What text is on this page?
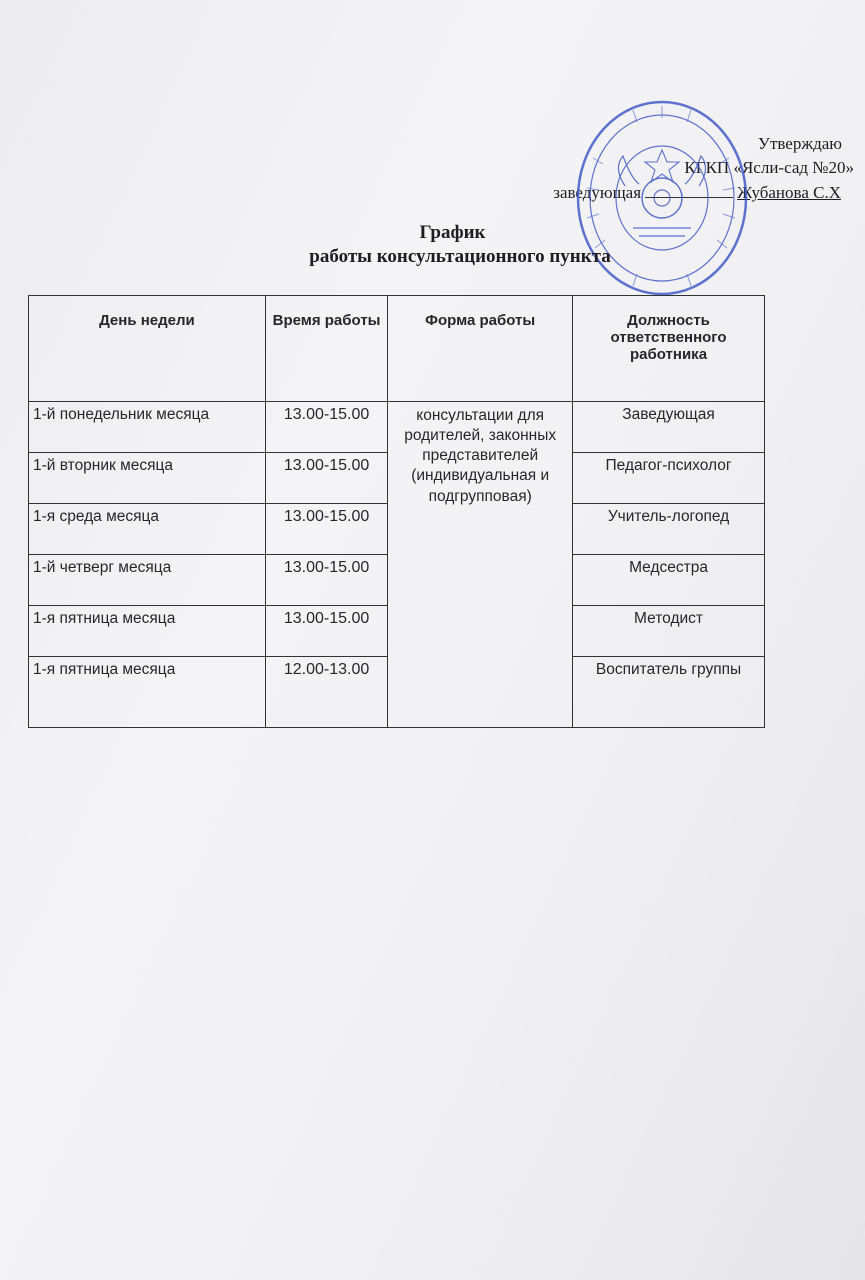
Утверждаю
КГКП «Ясли-сад №20»
заведующая	Жубанова С.Х
График
работы консультационного пункта
День недели	Время работы	Форма работы	Должность ответственного работника
1-й понедельник месяца	13.00-15.00	консультации для родителей, законных представителей (индивидуальная и подгрупповая)	Заведующая
1-й вторник месяца	13.00-15.00		Педагог-психолог
1-я среда месяца	13.00-15.00		Учитель-логопед
1-й четверг месяца	13.00-15.00		Медсестра
1-я пятница месяца	13.00-15.00		Методист
1-я пятница месяца	12.00-13.00		Воспитатель группы
